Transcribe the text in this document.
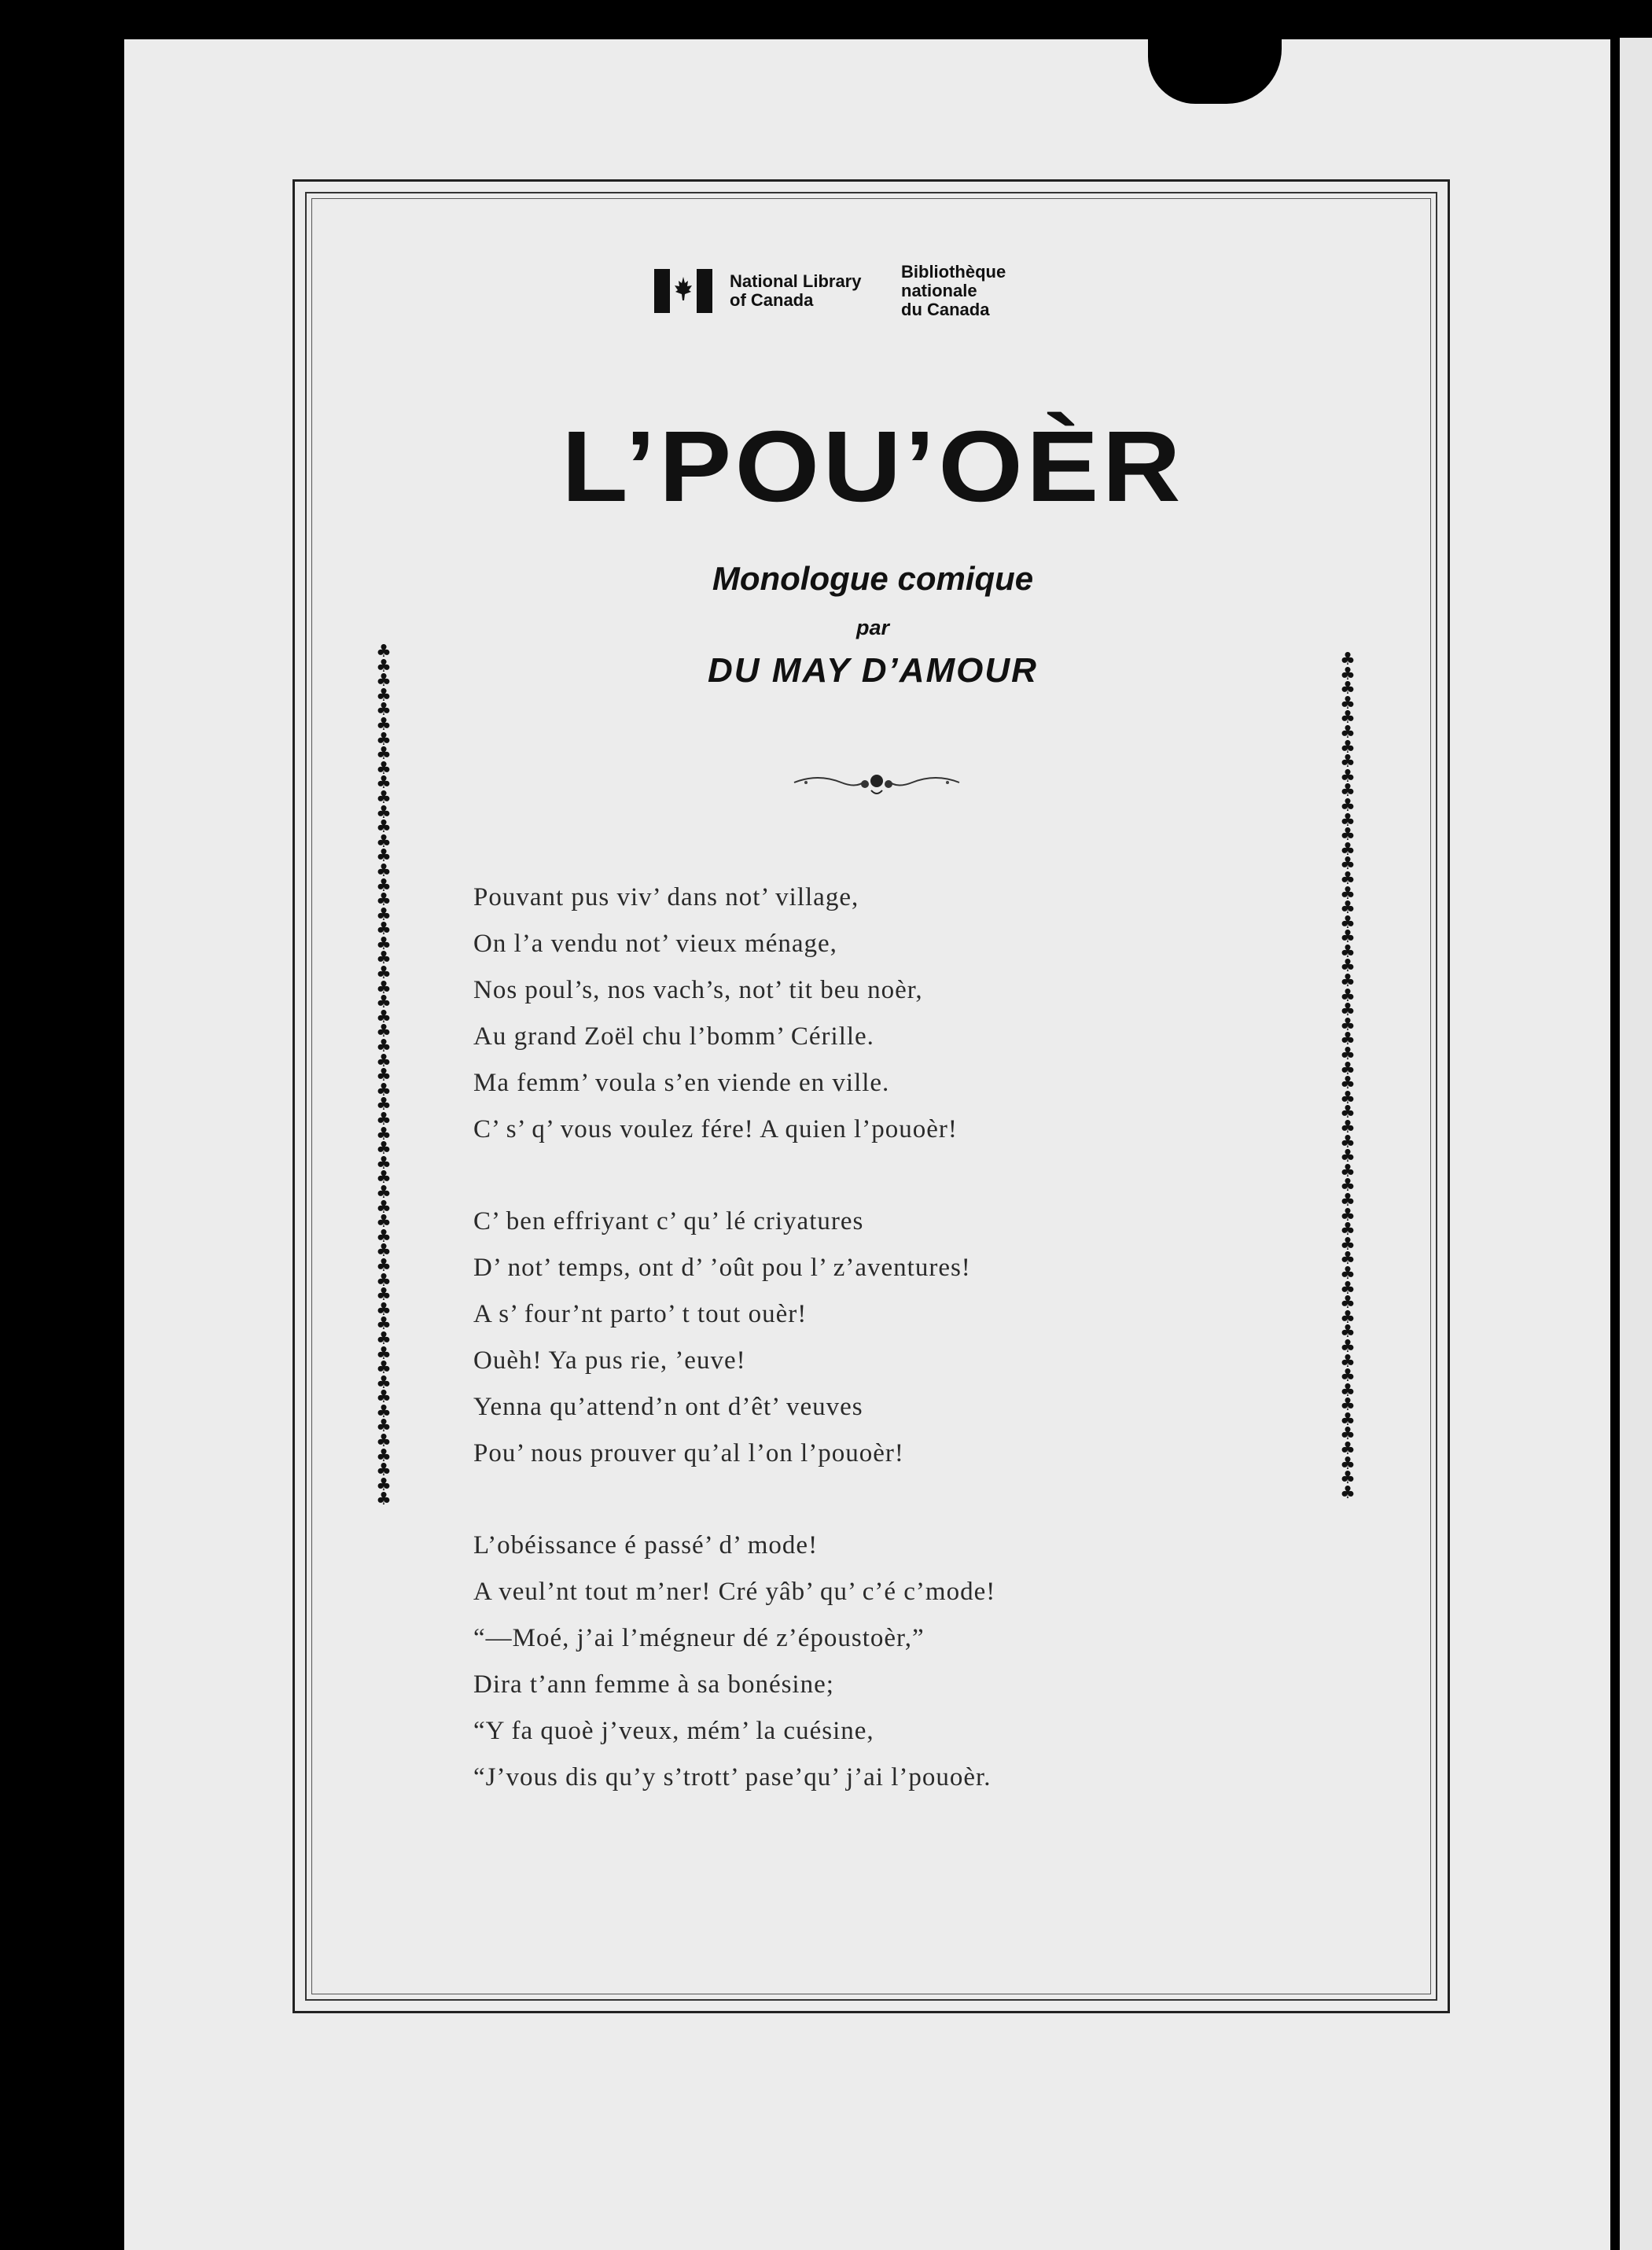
♣
♣
♣
♣
♣
♣
♣
♣
♣
♣
♣
♣
♣
♣
♣
♣
♣
♣
♣
♣
♣
♣
♣
♣
♣
♣
♣
♣
♣
♣
♣
♣
♣
♣
♣
♣
♣
♣
♣
♣
♣
♣
♣
♣
♣
♣
♣
♣
♣
♣
♣
♣
♣
♣
♣
♣
♣
♣
♣
♣
♣
♣
♣
♣
♣
♣
♣
♣
♣
♣
♣
♣
♣
♣
♣
♣
♣
♣
♣
♣
♣
♣
♣
♣
♣
♣
♣
♣
♣
♣
♣
♣
♣
♣
♣
♣
♣
♣
♣
♣
♣
♣
♣
♣
♣
♣
♣
♣
♣
♣
♣
♣
♣
♣
♣
♣
♣
National Library
of Canada
Bibliothèque nationale
du Canada
L’POU’OÈR
Monologue comique
par
DU MAY D’AMOUR
Pouvant pus viv’ dans not’ village,
On l’a vendu not’ vieux ménage,
Nos poul’s, nos vach’s, not’ tit beu noèr,
Au grand Zoël chu l’bomm’ Cérille.
Ma femm’ voula s’en viende en ville.
C’ s’ q’ vous voulez fére! A quien l’pouoèr!
C’ ben effriyant c’ qu’ lé criyatures
D’ not’ temps, ont d’ ’oût pou l’ z’aventures!
A s’ four’nt parto’ t tout ouèr!
Ouèh! Ya pus rie, ’euve!
Yenna qu’attend’n ont d’êt’ veuves
Pou’ nous prouver qu’al l’on l’pouoèr!
L’obéissance é passé’ d’ mode!
A veul’nt tout m’ner! Cré yâb’ qu’ c’é c’mode!
“—Moé, j’ai l’mégneur dé z’époustoèr,”
Dira t’ann femme à sa bonésine;
“Y fa quoè j’veux, mém’ la cuésine,
“J’vous dis qu’y s’trott’ pase’qu’ j’ai l’pouoèr.
